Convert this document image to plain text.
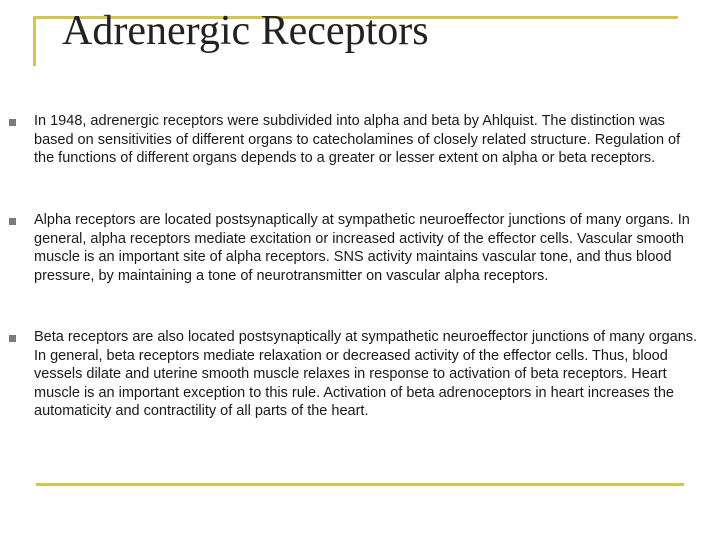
Adrenergic Receptors
In 1948, adrenergic receptors were subdivided into alpha and beta by Ahlquist. The distinction was based on sensitivities of different organs to catecholamines of closely related structure. Regulation of the functions of different organs depends to a greater or lesser extent on alpha or beta receptors.
Alpha receptors are located postsynaptically at sympathetic neuroeffector junctions of many organs. In general, alpha receptors mediate excitation or increased activity of the effector cells. Vascular smooth muscle is an important site of alpha receptors. SNS activity maintains vascular tone, and thus blood pressure, by maintaining a tone of neurotransmitter on vascular alpha receptors.
Beta receptors are also located postsynaptically at sympathetic neuroeffector junctions of many organs. In general, beta receptors mediate relaxation or decreased activity of the effector cells. Thus, blood vessels dilate and uterine smooth muscle relaxes in response to activation of beta receptors. Heart muscle is an important exception to this rule. Activation of beta adrenoceptors in heart increases the automaticity and contractility of all parts of the heart.
